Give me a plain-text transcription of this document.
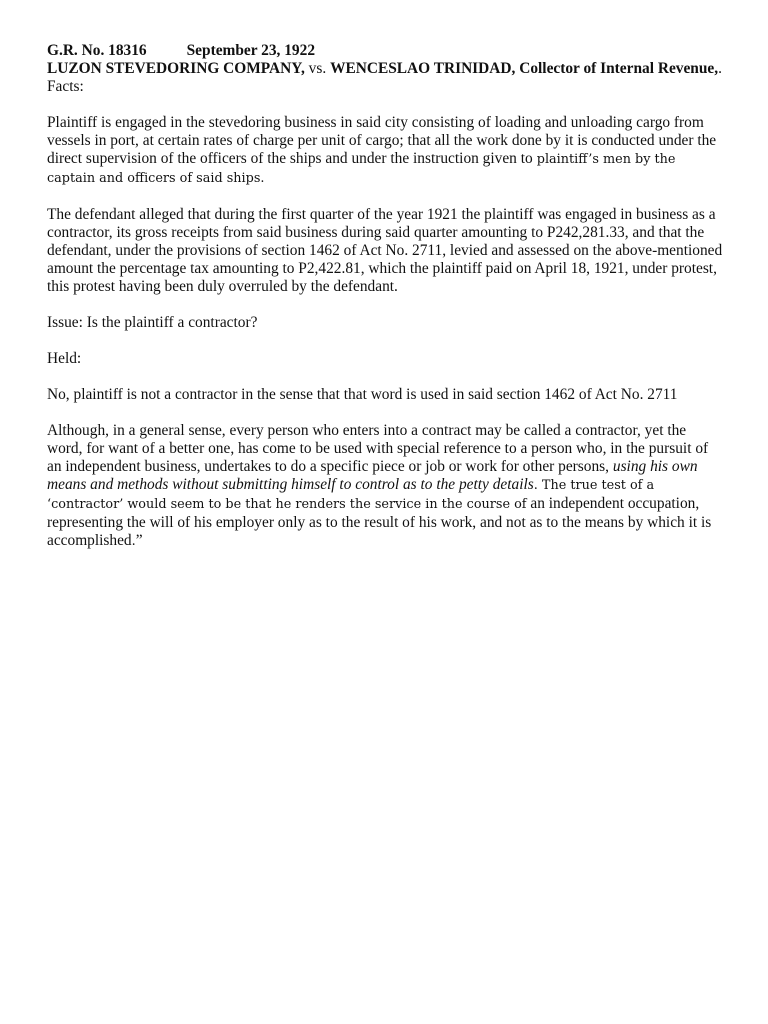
G.R. No. 18316	September 23, 1922

LUZON STEVEDORING COMPANY, vs. WENCESLAO TRINIDAD, Collector of Internal Revenue,.

Facts:

Plaintiff is engaged in the stevedoring business in said city consisting of loading and unloading cargo from vessels in port, at certain rates of charge per unit of cargo; that all the work done by it is conducted under the direct supervision of the officers of the ships and under the instruction given to plaintiff’s men by the captain and officers of said ships.

The defendant alleged that during the first quarter of the year 1921 the plaintiff was engaged in business as a contractor, its gross receipts from said business during said quarter amounting to P242,281.33, and that the defendant, under the provisions of section 1462 of Act No. 2711, levied and assessed on the above-mentioned amount the percentage tax amounting to P2,422.81, which the plaintiff paid on April 18, 1921, under protest, this protest having been duly overruled by the defendant.

Issue: Is the plaintiff a contractor?

Held:

No, plaintiff is not a contractor in the sense that that word is used in said section 1462 of Act No. 2711

Although, in a general sense, every person who enters into a contract may be called a contractor, yet the word, for want of a better one, has come to be used with special reference to a person who, in the pursuit of an independent business, undertakes to do a specific piece or job or work for other persons, using his own means and methods without submitting himself to control as to the petty details. The true test of a ‘contractor’ would seem to be that he renders the service in the course of an independent occupation, representing the will of his employer only as to the result of his work, and not as to the means by which it is accomplished.”
